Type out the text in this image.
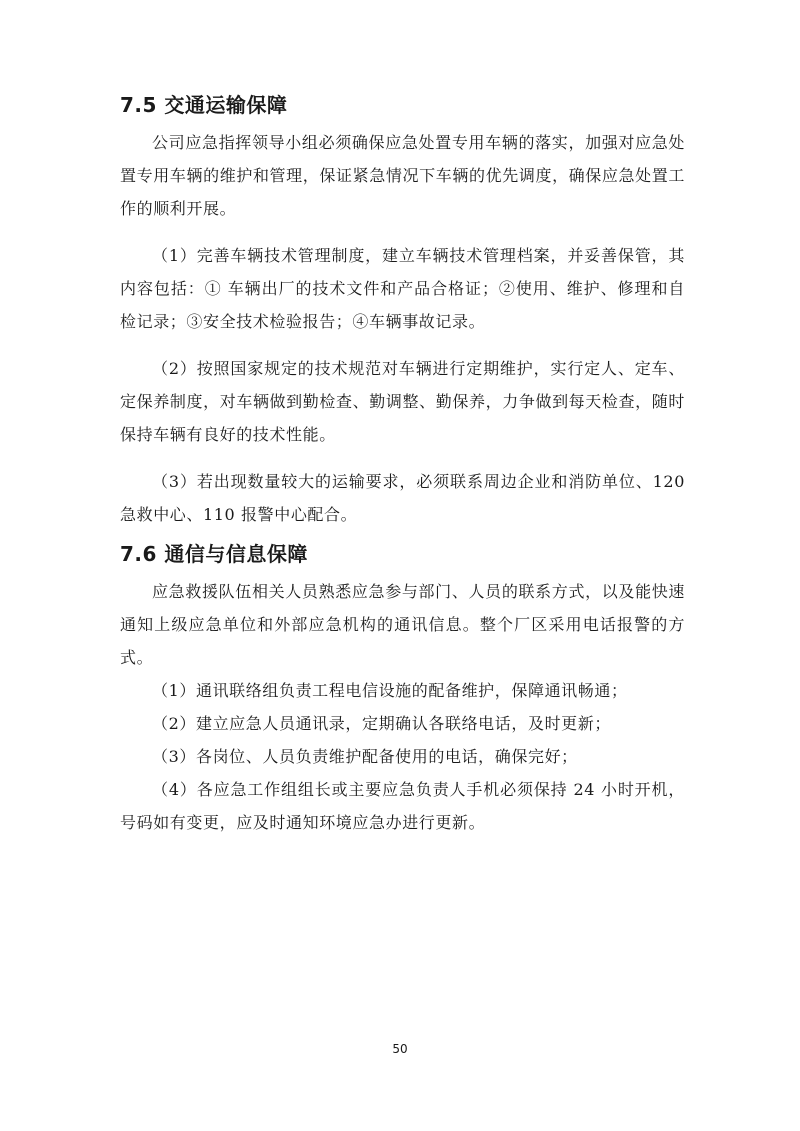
7.5 交通运输保障

公司应急指挥领导小组必须确保应急处置专用车辆的落实，加强对应急处置专用车辆的维护和管理，保证紧急情况下车辆的优先调度，确保应急处置工作的顺利开展。

（1）完善车辆技术管理制度，建立车辆技术管理档案，并妥善保管，其内容包括：① 车辆出厂的技术文件和产品合格证；②使用、维护、修理和自检记录；③安全技术检验报告；④车辆事故记录。

（2）按照国家规定的技术规范对车辆进行定期维护，实行定人、定车、定保养制度，对车辆做到勤检查、勤调整、勤保养，力争做到每天检查，随时保持车辆有良好的技术性能。

（3）若出现数量较大的运输要求，必须联系周边企业和消防单位、120 急救中心、110 报警中心配合。

7.6 通信与信息保障

应急救援队伍相关人员熟悉应急参与部门、人员的联系方式，以及能快速通知上级应急单位和外部应急机构的通讯信息。整个厂区采用电话报警的方式。

（1）通讯联络组负责工程电信设施的配备维护，保障通讯畅通；

（2）建立应急人员通讯录，定期确认各联络电话，及时更新；

（3）各岗位、人员负责维护配备使用的电话，确保完好；

（4）各应急工作组组长或主要应急负责人手机必须保持 24 小时开机，号码如有变更，应及时通知环境应急办进行更新。

50
